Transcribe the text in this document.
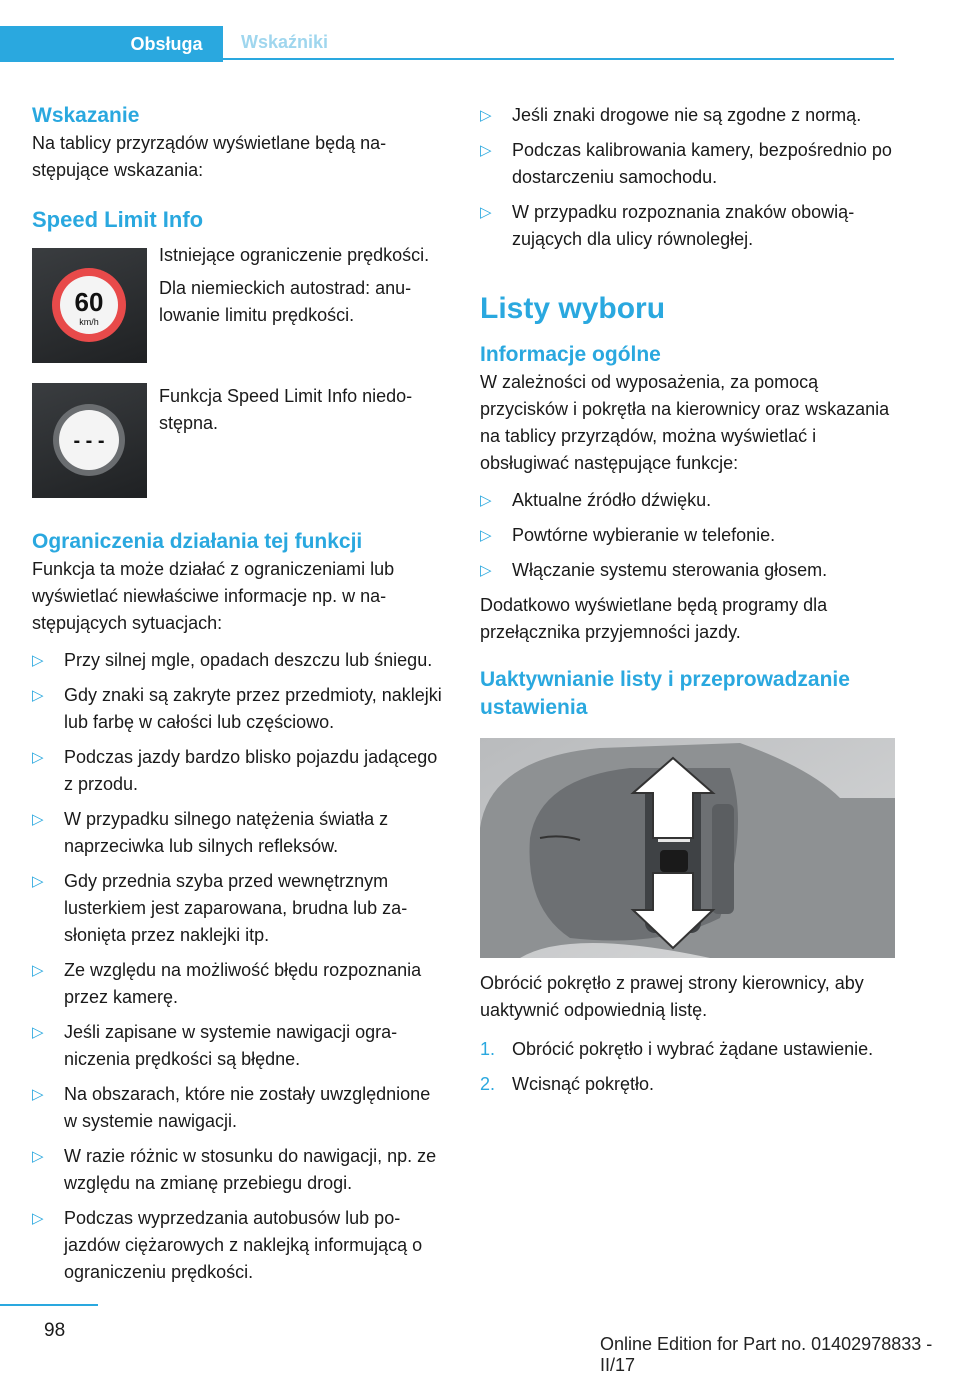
Obsługa	Wskaźniki
Wskazanie

Na tablicy przyrządów wyświetlane będą następujące wskazania:

Speed Limit Info
60
km/h

Istniejące ograniczenie prędkości.

Dla niemieckich autostrad: anulowanie limitu prędkości.

- - -

Funkcja Speed Limit Info niedostępna.

Ograniczenia działania tej funkcji

Funkcja ta może działać z ograniczeniami lub wyświetlać niewłaściwe informacje np. w następujących sytuacjach:

▷ Przy silnej mgle, opadach deszczu lub śniegu.
▷ Gdy znaki są zakryte przez przedmioty, naklejki lub farbę w całości lub częściowo.
▷ Podczas jazdy bardzo blisko pojazdu jadącego z przodu.
▷ W przypadku silnego natężenia światła z naprzeciwka lub silnych refleksów.
▷ Gdy przednia szyba przed wewnętrznym lusterkiem jest zaparowana, brudna lub zasłonięta przez naklejki itp.
▷ Ze względu na możliwość błędu rozpoznania przez kamerę.
▷ Jeśli zapisane w systemie nawigacji ograniczenia prędkości są błędne.
▷ Na obszarach, które nie zostały uwzględnione w systemie nawigacji.
▷ W razie różnic w stosunku do nawigacji, np. ze względu na zmianę przebiegu drogi.
▷ Podczas wyprzedzania autobusów lub pojazdów ciężarowych z naklejką informującą o ograniczeniu prędkości.
▷ Jeśli znaki drogowe nie są zgodne z normą.
▷ Podczas kalibrowania kamery, bezpośrednio po dostarczeniu samochodu.
▷ W przypadku rozpoznania znaków obowiązujących dla ulicy równoległej.
Listy wyboru
Informacje ogólne

W zależności od wyposażenia, za pomocą przycisków i pokrętła na kierownicy oraz wskazania na tablicy przyrządów, można wyświetlać i obsługiwać następujące funkcje:

▷ Aktualne źródło dźwięku.
▷ Powtórne wybieranie w telefonie.
▷ Włączanie systemu sterowania głosem.

Dodatkowo wyświetlane będą programy dla przełącznika przyjemności jazdy.

Uaktywnianie listy i przeprowadzanie ustawienia

Obrócić pokrętło z prawej strony kierownicy, aby uaktywnić odpowiednią listę.

1. Obrócić pokrętło i wybrać żądane ustawienie.
2. Wcisnąć pokrętło.
98
Online Edition for Part no. 01402978833 - II/17
